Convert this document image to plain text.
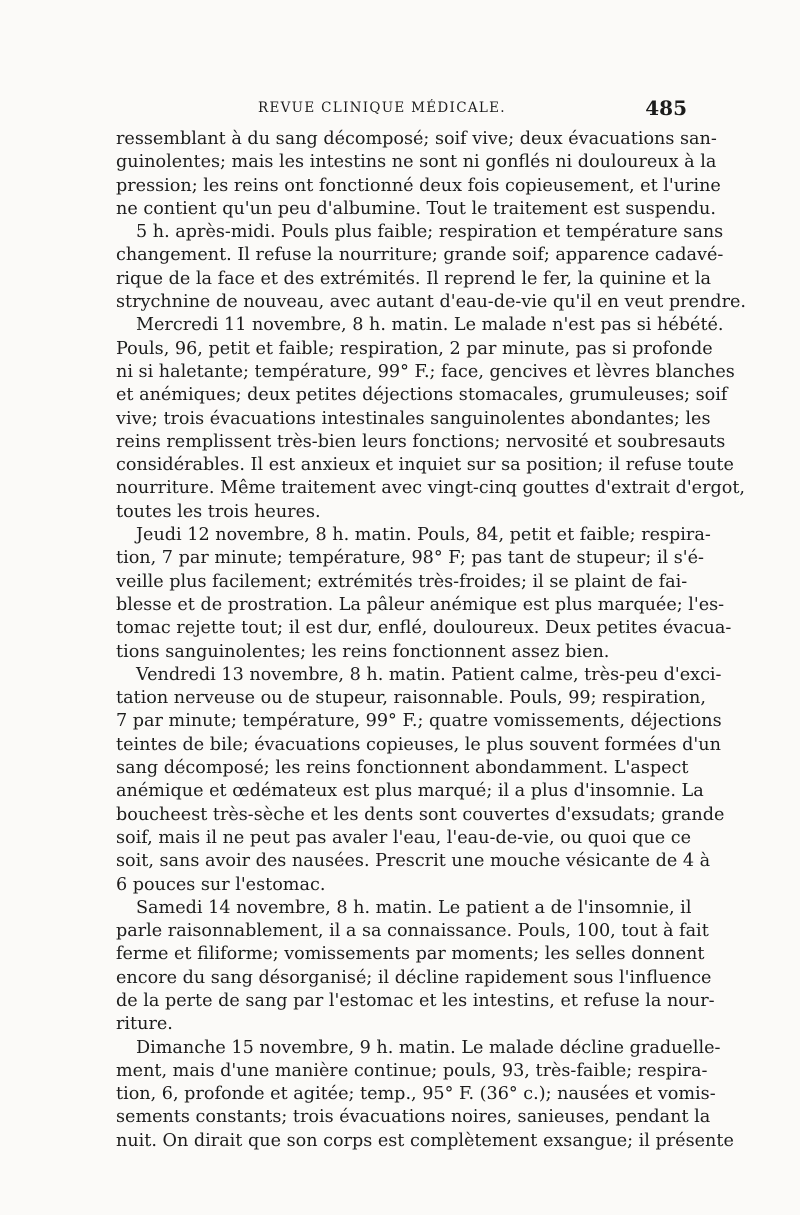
REVUE CLINIQUE MÉDICALE.	485
ressemblant à du sang décomposé; soif vive; deux évacuations san-
guinolentes; mais les intestins ne sont ni gonflés ni douloureux à la
pression; les reins ont fonctionné deux fois copieusement, et l'urine
ne contient qu'un peu d'albumine. Tout le traitement est suspendu.
5 h. après-midi. Pouls plus faible; respiration et température sans
changement. Il refuse la nourriture; grande soif; apparence cadavé-
rique de la face et des extrémités. Il reprend le fer, la quinine et la
strychnine de nouveau, avec autant d'eau-de-vie qu'il en veut prendre.
Mercredi 11 novembre, 8 h. matin. Le malade n'est pas si hébété.
Pouls, 96, petit et faible; respiration, 2 par minute, pas si profonde
ni si haletante; température, 99° F.; face, gencives et lèvres blanches
et anémiques; deux petites déjections stomacales, grumuleuses; soif
vive; trois évacuations intestinales sanguinolentes abondantes; les
reins remplissent très-bien leurs fonctions; nervosité et soubresauts
considérables. Il est anxieux et inquiet sur sa position; il refuse toute
nourriture. Même traitement avec vingt-cinq gouttes d'extrait d'ergot,
toutes les trois heures.
Jeudi 12 novembre, 8 h. matin. Pouls, 84, petit et faible; respira-
tion, 7 par minute; température, 98° F; pas tant de stupeur; il s'é-
veille plus facilement; extrémités très-froides; il se plaint de fai-
blesse et de prostration. La pâleur anémique est plus marquée; l'es-
tomac rejette tout; il est dur, enflé, douloureux. Deux petites évacua-
tions sanguinolentes; les reins fonctionnent assez bien.
Vendredi 13 novembre, 8 h. matin. Patient calme, très-peu d'exci-
tation nerveuse ou de stupeur, raisonnable. Pouls, 99; respiration,
7 par minute; température, 99° F.; quatre vomissements, déjections
teintes de bile; évacuations copieuses, le plus souvent formées d'un
sang décomposé; les reins fonctionnent abondamment. L'aspect
anémique et œdémateux est plus marqué; il a plus d'insomnie. La
boucheest très-sèche et les dents sont couvertes d'exsudats; grande
soif, mais il ne peut pas avaler l'eau, l'eau-de-vie, ou quoi que ce
soit, sans avoir des nausées. Prescrit une mouche vésicante de 4 à
6 pouces sur l'estomac.
Samedi 14 novembre, 8 h. matin. Le patient a de l'insomnie, il
parle raisonnablement, il a sa connaissance. Pouls, 100, tout à fait
ferme et filiforme; vomissements par moments; les selles donnent
encore du sang désorganisé; il décline rapidement sous l'influence
de la perte de sang par l'estomac et les intestins, et refuse la nour-
riture.
Dimanche 15 novembre, 9 h. matin. Le malade décline graduelle-
ment, mais d'une manière continue; pouls, 93, très-faible; respira-
tion, 6, profonde et agitée; temp., 95° F. (36° c.); nausées et vomis-
sements constants; trois évacuations noires, sanieuses, pendant la
nuit. On dirait que son corps est complètement exsangue; il présente
